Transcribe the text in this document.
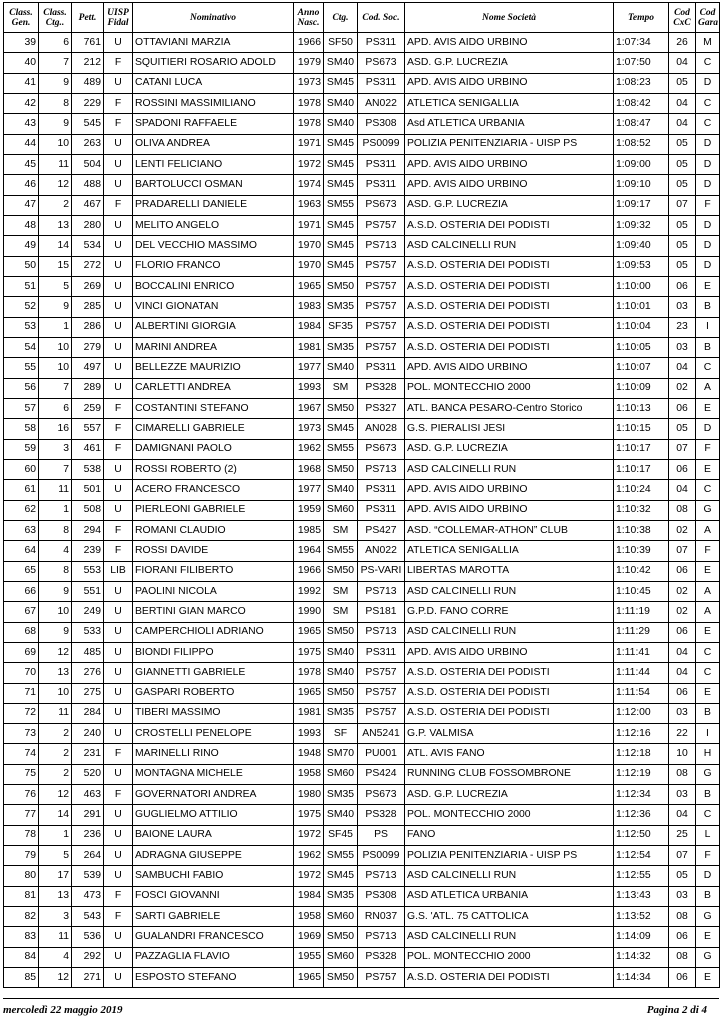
Class. Gen.	Class. Ctg..	Pett.	UISP Fidal	Nominativo	Anno Nasc.	Ctg.	Cod. Soc.	Nome Società	Tempo	Cod CxC	Cod Gara
39	6	761	U	OTTAVIANI MARZIA	1966	SF50	PS311	APD. AVIS AIDO URBINO	1:07:34	26	M
40	7	212	F	SQUITIERI ROSARIO ADOLD	1979	SM40	PS673	ASD. G.P. LUCREZIA	1:07:50	04	C
41	9	489	U	CATANI LUCA	1973	SM45	PS311	APD. AVIS AIDO URBINO	1:08:23	05	D
42	8	229	F	ROSSINI MASSIMILIANO	1978	SM40	AN022	ATLETICA SENIGALLIA	1:08:42	04	C
43	9	545	F	SPADONI RAFFAELE	1978	SM40	PS308	Asd ATLETICA URBANIA	1:08:47	04	C
44	10	263	U	OLIVA ANDREA	1971	SM45	PS0099	POLIZIA PENITENZIARIA - UISP PS	1:08:52	05	D
45	11	504	U	LENTI FELICIANO	1972	SM45	PS311	APD. AVIS AIDO URBINO	1:09:00	05	D
46	12	488	U	BARTOLUCCI OSMAN	1974	SM45	PS311	APD. AVIS AIDO URBINO	1:09:10	05	D
47	2	467	F	PRADARELLI DANIELE	1963	SM55	PS673	ASD. G.P. LUCREZIA	1:09:17	07	F
48	13	280	U	MELITO ANGELO	1971	SM45	PS757	A.S.D. OSTERIA DEI PODISTI	1:09:32	05	D
49	14	534	U	DEL VECCHIO MASSIMO	1970	SM45	PS713	ASD CALCINELLI RUN	1:09:40	05	D
50	15	272	U	FLORIO FRANCO	1970	SM45	PS757	A.S.D. OSTERIA DEI PODISTI	1:09:53	05	D
51	5	269	U	BOCCALINI ENRICO	1965	SM50	PS757	A.S.D. OSTERIA DEI PODISTI	1:10:00	06	E
52	9	285	U	VINCI GIONATAN	1983	SM35	PS757	A.S.D. OSTERIA DEI PODISTI	1:10:01	03	B
53	1	286	U	ALBERTINI GIORGIA	1984	SF35	PS757	A.S.D. OSTERIA DEI PODISTI	1:10:04	23	I
54	10	279	U	MARINI ANDREA	1981	SM35	PS757	A.S.D. OSTERIA DEI PODISTI	1:10:05	03	B
55	10	497	U	BELLEZZE MAURIZIO	1977	SM40	PS311	APD. AVIS AIDO URBINO	1:10:07	04	C
56	7	289	U	CARLETTI ANDREA	1993	SM	PS328	POL. MONTECCHIO 2000	1:10:09	02	A
57	6	259	F	COSTANTINI STEFANO	1967	SM50	PS327	ATL. BANCA PESARO-Centro Storico	1:10:13	06	E
58	16	557	F	CIMARELLI GABRIELE	1973	SM45	AN028	G.S. PIERALISI JESI	1:10:15	05	D
59	3	461	F	DAMIGNANI PAOLO	1962	SM55	PS673	ASD. G.P. LUCREZIA	1:10:17	07	F
60	7	538	U	ROSSI ROBERTO (2)	1968	SM50	PS713	ASD CALCINELLI RUN	1:10:17	06	E
61	11	501	U	ACERO FRANCESCO	1977	SM40	PS311	APD. AVIS AIDO URBINO	1:10:24	04	C
62	1	508	U	PIERLEONI GABRIELE	1959	SM60	PS311	APD. AVIS AIDO URBINO	1:10:32	08	G
63	8	294	F	ROMANI CLAUDIO	1985	SM	PS427	ASD. “COLLEMAR-ATHON” CLUB	1:10:38	02	A
64	4	239	F	ROSSI DAVIDE	1964	SM55	AN022	ATLETICA SENIGALLIA	1:10:39	07	F
65	8	553	LIB	FIORANI FILIBERTO	1966	SM50	PS-VARI	LIBERTAS MAROTTA	1:10:42	06	E
66	9	551	U	PAOLINI NICOLA	1992	SM	PS713	ASD CALCINELLI RUN	1:10:45	02	A
67	10	249	U	BERTINI GIAN MARCO	1990	SM	PS181	G.P.D. FANO CORRE	1:11:19	02	A
68	9	533	U	CAMPERCHIOLI ADRIANO	1965	SM50	PS713	ASD CALCINELLI RUN	1:11:29	06	E
69	12	485	U	BIONDI FILIPPO	1975	SM40	PS311	APD. AVIS AIDO URBINO	1:11:41	04	C
70	13	276	U	GIANNETTI GABRIELE	1978	SM40	PS757	A.S.D. OSTERIA DEI PODISTI	1:11:44	04	C
71	10	275	U	GASPARI ROBERTO	1965	SM50	PS757	A.S.D. OSTERIA DEI PODISTI	1:11:54	06	E
72	11	284	U	TIBERI MASSIMO	1981	SM35	PS757	A.S.D. OSTERIA DEI PODISTI	1:12:00	03	B
73	2	240	U	CROSTELLI PENELOPE	1993	SF	AN5241	G.P. VALMISA	1:12:16	22	I
74	2	231	F	MARINELLI RINO	1948	SM70	PU001	ATL. AVIS FANO	1:12:18	10	H
75	2	520	U	MONTAGNA MICHELE	1958	SM60	PS424	RUNNING CLUB FOSSOMBRONE	1:12:19	08	G
76	12	463	F	GOVERNATORI ANDREA	1980	SM35	PS673	ASD. G.P. LUCREZIA	1:12:34	03	B
77	14	291	U	GUGLIELMO ATTILIO	1975	SM40	PS328	POL. MONTECCHIO 2000	1:12:36	04	C
78	1	236	U	BAIONE LAURA	1972	SF45	PS	FANO	1:12:50	25	L
79	5	264	U	ADRAGNA GIUSEPPE	1962	SM55	PS0099	POLIZIA PENITENZIARIA - UISP PS	1:12:54	07	F
80	17	539	U	SAMBUCHI FABIO	1972	SM45	PS713	ASD CALCINELLI RUN	1:12:55	05	D
81	13	473	F	FOSCI GIOVANNI	1984	SM35	PS308	ASD ATLETICA URBANIA	1:13:43	03	B
82	3	543	F	SARTI GABRIELE	1958	SM60	RN037	G.S. 'ATL. 75 CATTOLICA	1:13:52	08	G
83	11	536	U	GUALANDRI FRANCESCO	1969	SM50	PS713	ASD CALCINELLI RUN	1:14:09	06	E
84	4	292	U	PAZZAGLIA FLAVIO	1955	SM60	PS328	POL. MONTECCHIO 2000	1:14:32	08	G
85	12	271	U	ESPOSTO STEFANO	1965	SM50	PS757	A.S.D. OSTERIA DEI PODISTI	1:14:34	06	E
mercoledì 22 maggio 2019	Pagina 2 di 4
